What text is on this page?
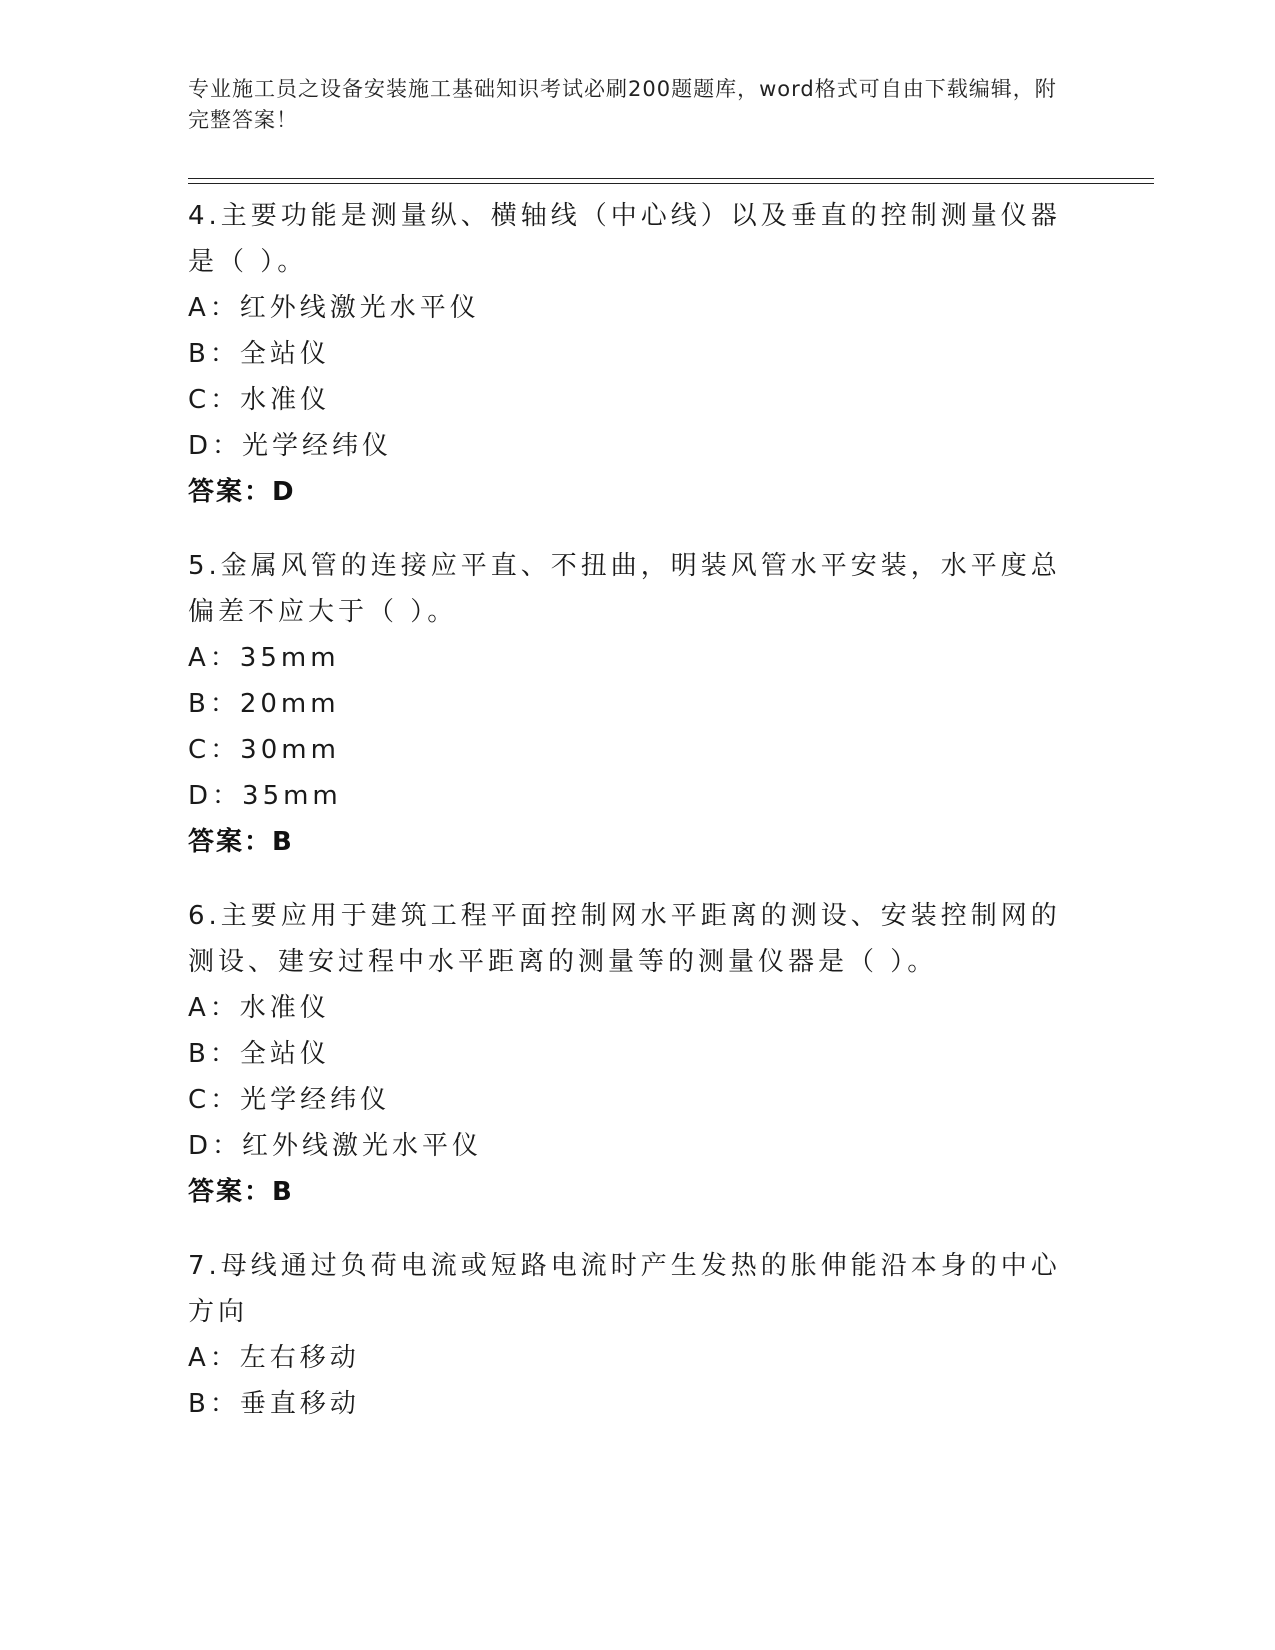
专业施工员之设备安装施工基础知识考试必刷200题题库，word格式可自由下载编辑，附完整答案！

4.主要功能是测量纵、横轴线（中心线）以及垂直的控制测量仪器是（ ）。

A：红外线激光水平仪

B：全站仪

C：水准仪

D：光学经纬仪

答案：D

5.金属风管的连接应平直、不扭曲，明装风管水平安装，水平度总偏差不应大于（ ）。

A：35mm

B：20mm

C：30mm

D：35mm

答案：B

6.主要应用于建筑工程平面控制网水平距离的测设、安装控制网的测设、建安过程中水平距离的测量等的测量仪器是（ ）。

A：水准仪

B：全站仪

C：光学经纬仪

D：红外线激光水平仪

答案：B

7.母线通过负荷电流或短路电流时产生发热的胀伸能沿本身的中心方向

A：左右移动

B：垂直移动
